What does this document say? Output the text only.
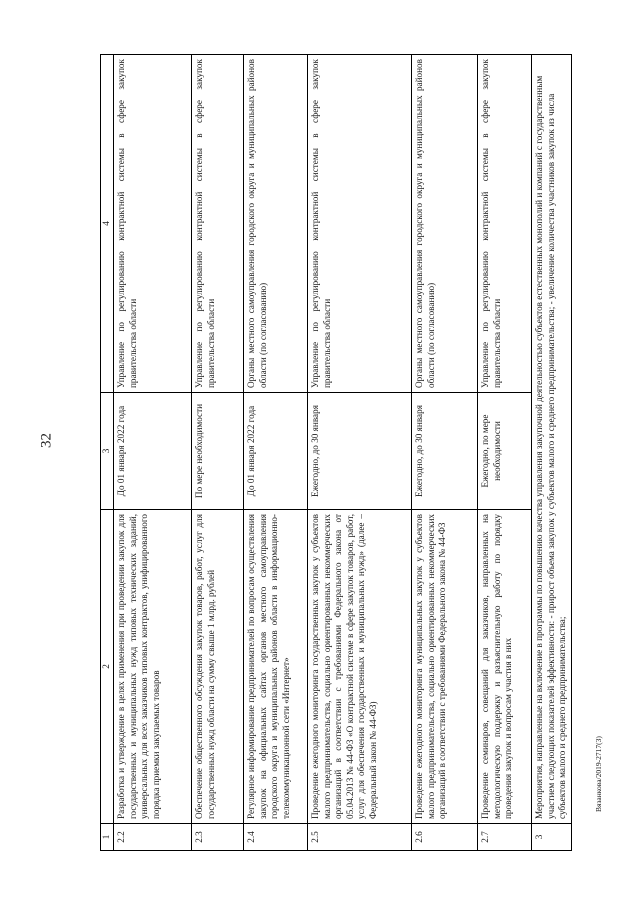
32
1	2	3	4
2.2	Разработка и утверждение в целях применения при проведении закупок для государственных и муниципальных нужд типовых технических заданий, универсальных для всех заказчиков типовых контрактов, унифицированного порядка приемки закупаемых товаров	До 01 января 2022 года	Управление по регулированию контрактной системы в сфере закупок правительства области
2.3	Обеспечение общественного обсуждения закупок товаров, работ, услуг для государственных нужд области на сумму свыше 1 млрд. рублей	По мере необходимости	Управление по регулированию контрактной системы в сфере закупок правительства области
2.4	Регулярное информирование предпринимателей по вопросам осуществления закупок на официальных сайтах органов местного самоуправления городского округа и муниципальных районов области в информационно-телекоммуникационной сети «Интернет»	До 01 января 2022 года	Органы местного самоуправления городского округа и муниципальных районов области (по согласованию)
2.5	Проведение ежегодного мониторинга государственных закупок у субъектов малого предпринимательства, социально ориентированных некоммерческих организаций в соответствии с требованиями Федерального закона от 05.04.2013 № 44-ФЗ «О контрактной системе в сфере закупок товаров, работ, услуг для обеспечения государственных и муниципальных нужд» (далее – Федеральный закон № 44-ФЗ)	Ежегодно, до 30 января	Управление по регулированию контрактной системы в сфере закупок правительства области
2.6	Проведение ежегодного мониторинга муниципальных закупок у субъектов малого предпринимательства, социально ориентированных некоммерческих организаций в соответствии с требованиями Федерального закона № 44-ФЗ	Ежегодно, до 30 января	Органы местного самоуправления городского округа и муниципальных районов области (по согласованию)
2.7	Проведение семинаров, совещаний для заказчиков, направленных на методологическую поддержку и разъяснительную работу по порядку проведения закупок и вопросам участия в них	Ежегодно, по мере необходимости	Управление по регулированию контрактной системы в сфере закупок правительства области
3	Мероприятия, направленные на включение в программы по повышению качества управления закупочной деятельностью субъектов естественных монополий и компаний с государственным участием следующих показателей эффективности: - прирост объема закупок у субъектов малого и среднего предпринимательства; - увеличение количества участников закупок из числа субъектов малого и среднего предпринимательства;			Вязанкова/2019-2717(3)
